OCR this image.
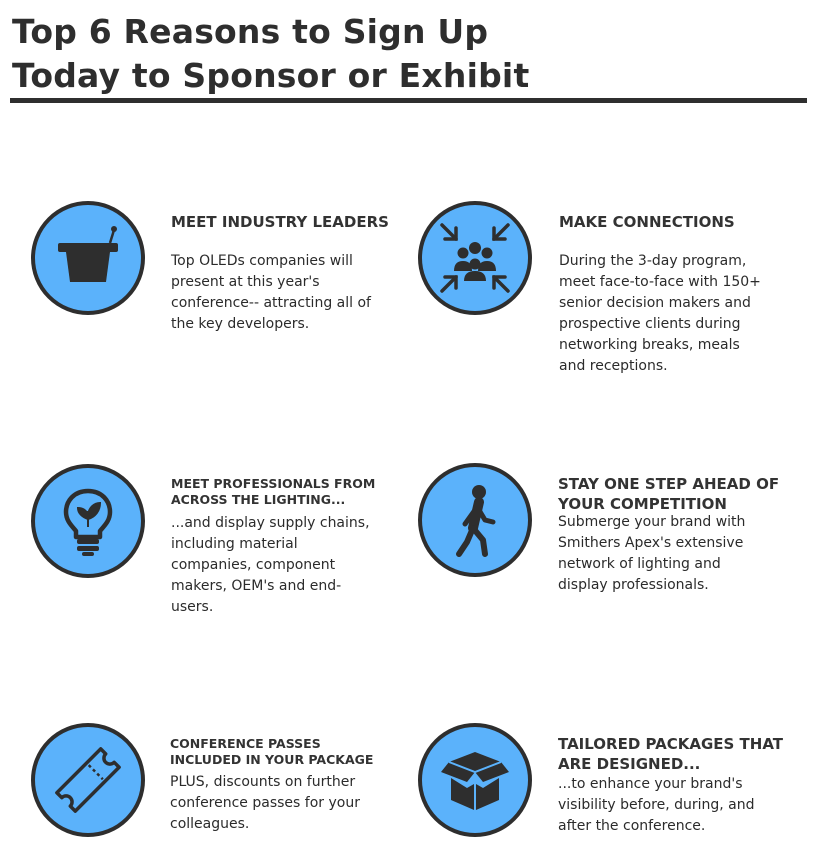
Top 6 Reasons to Sign Up
Today to Sponsor or Exhibit
MEET INDUSTRY LEADERS

Top OLEDs companies will present at this year's conference-- attracting all of the key developers.

MAKE CONNECTIONS

During the 3-day program, meet face-to-face with 150+ senior decision makers and prospective clients during networking breaks, meals and receptions.

MEET PROFESSIONALS FROM ACROSS THE LIGHTING...

...and display supply chains, including material companies, component makers, OEM's and end-users.

STAY ONE STEP AHEAD OF YOUR COMPETITION

Submerge your brand with Smithers Apex's extensive network of lighting and display professionals.

CONFERENCE PASSES INCLUDED IN YOUR PACKAGE

PLUS, discounts on further conference passes for your colleagues.

TAILORED PACKAGES THAT ARE DESIGNED...

...to enhance your brand's visibility before, during, and after the conference.
